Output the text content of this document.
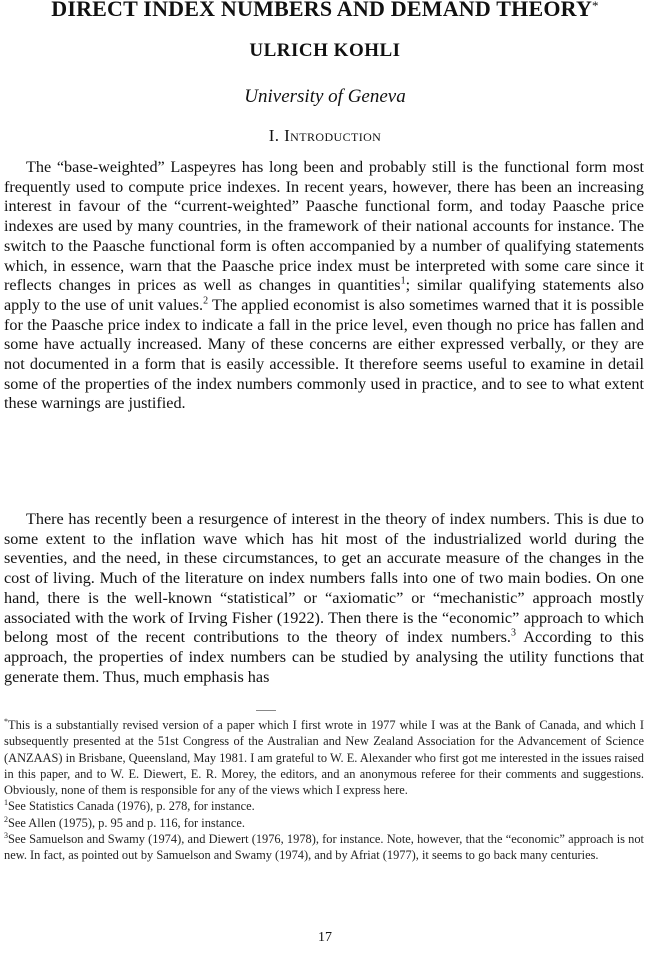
DIRECT INDEX NUMBERS AND DEMAND THEORY*
ULRICH KOHLI
University of Geneva
I. Introduction
The “base-weighted” Laspeyres has long been and probably still is the functional form most frequently used to compute price indexes. In recent years, however, there has been an increasing interest in favour of the “current-weighted” Paasche functional form, and today Paasche price indexes are used by many countries, in the framework of their national accounts for instance. The switch to the Paasche functional form is often accompanied by a number of qualifying statements which, in essence, warn that the Paasche price index must be interpreted with some care since it reflects changes in prices as well as changes in quantities$^1$; similar qualifying statements also apply to the use of unit values.$^2$ The applied economist is also sometimes warned that it is possible for the Paasche price index to indicate a fall in the price level, even though no price has fallen and some have actually increased. Many of these concerns are either expressed verbally, or they are not documented in a form that is easily accessible. It therefore seems useful to examine in detail some of the properties of the index numbers commonly used in practice, and to see to what extent these warnings are justified.
There has recently been a resurgence of interest in the theory of index numbers. This is due to some extent to the inflation wave which has hit most of the industrialized world during the seventies, and the need, in these circumstances, to get an accurate measure of the changes in the cost of living. Much of the literature on index numbers falls into one of two main bodies. On one hand, there is the well-known “statistical” or “axiomatic” or “mechanistic” approach mostly associated with the work of Irving Fisher (1922). Then there is the “economic” approach to which belong most of the recent contributions to the theory of index numbers.$^3$ According to this approach, the properties of index numbers can be studied by analysing the utility functions that generate them. Thus, much emphasis has

*This is a substantially revised version of a paper which I first wrote in 1977 while I was at the Bank of Canada, and which I subsequently presented at the 51st Congress of the Australian and New Zealand Association for the Advancement of Science (ANZAAS) in Brisbane, Queensland, May 1981. I am grateful to W. E. Alexander who first got me interested in the issues raised in this paper, and to W. E. Diewert, E. R. Morey, the editors, and an anonymous referee for their comments and suggestions. Obviously, none of them is responsible for any of the views which I express here.

$^1$See Statistics Canada (1976), p. 278, for instance.

$^2$See Allen (1975), p. 95 and p. 116, for instance.

$^3$See Samuelson and Swamy (1974), and Diewert (1976, 1978), for instance. Note, however, that the “economic” approach is not new. In fact, as pointed out by Samuelson and Swamy (1974), and by Afriat (1977), it seems to go back many centuries.

17
